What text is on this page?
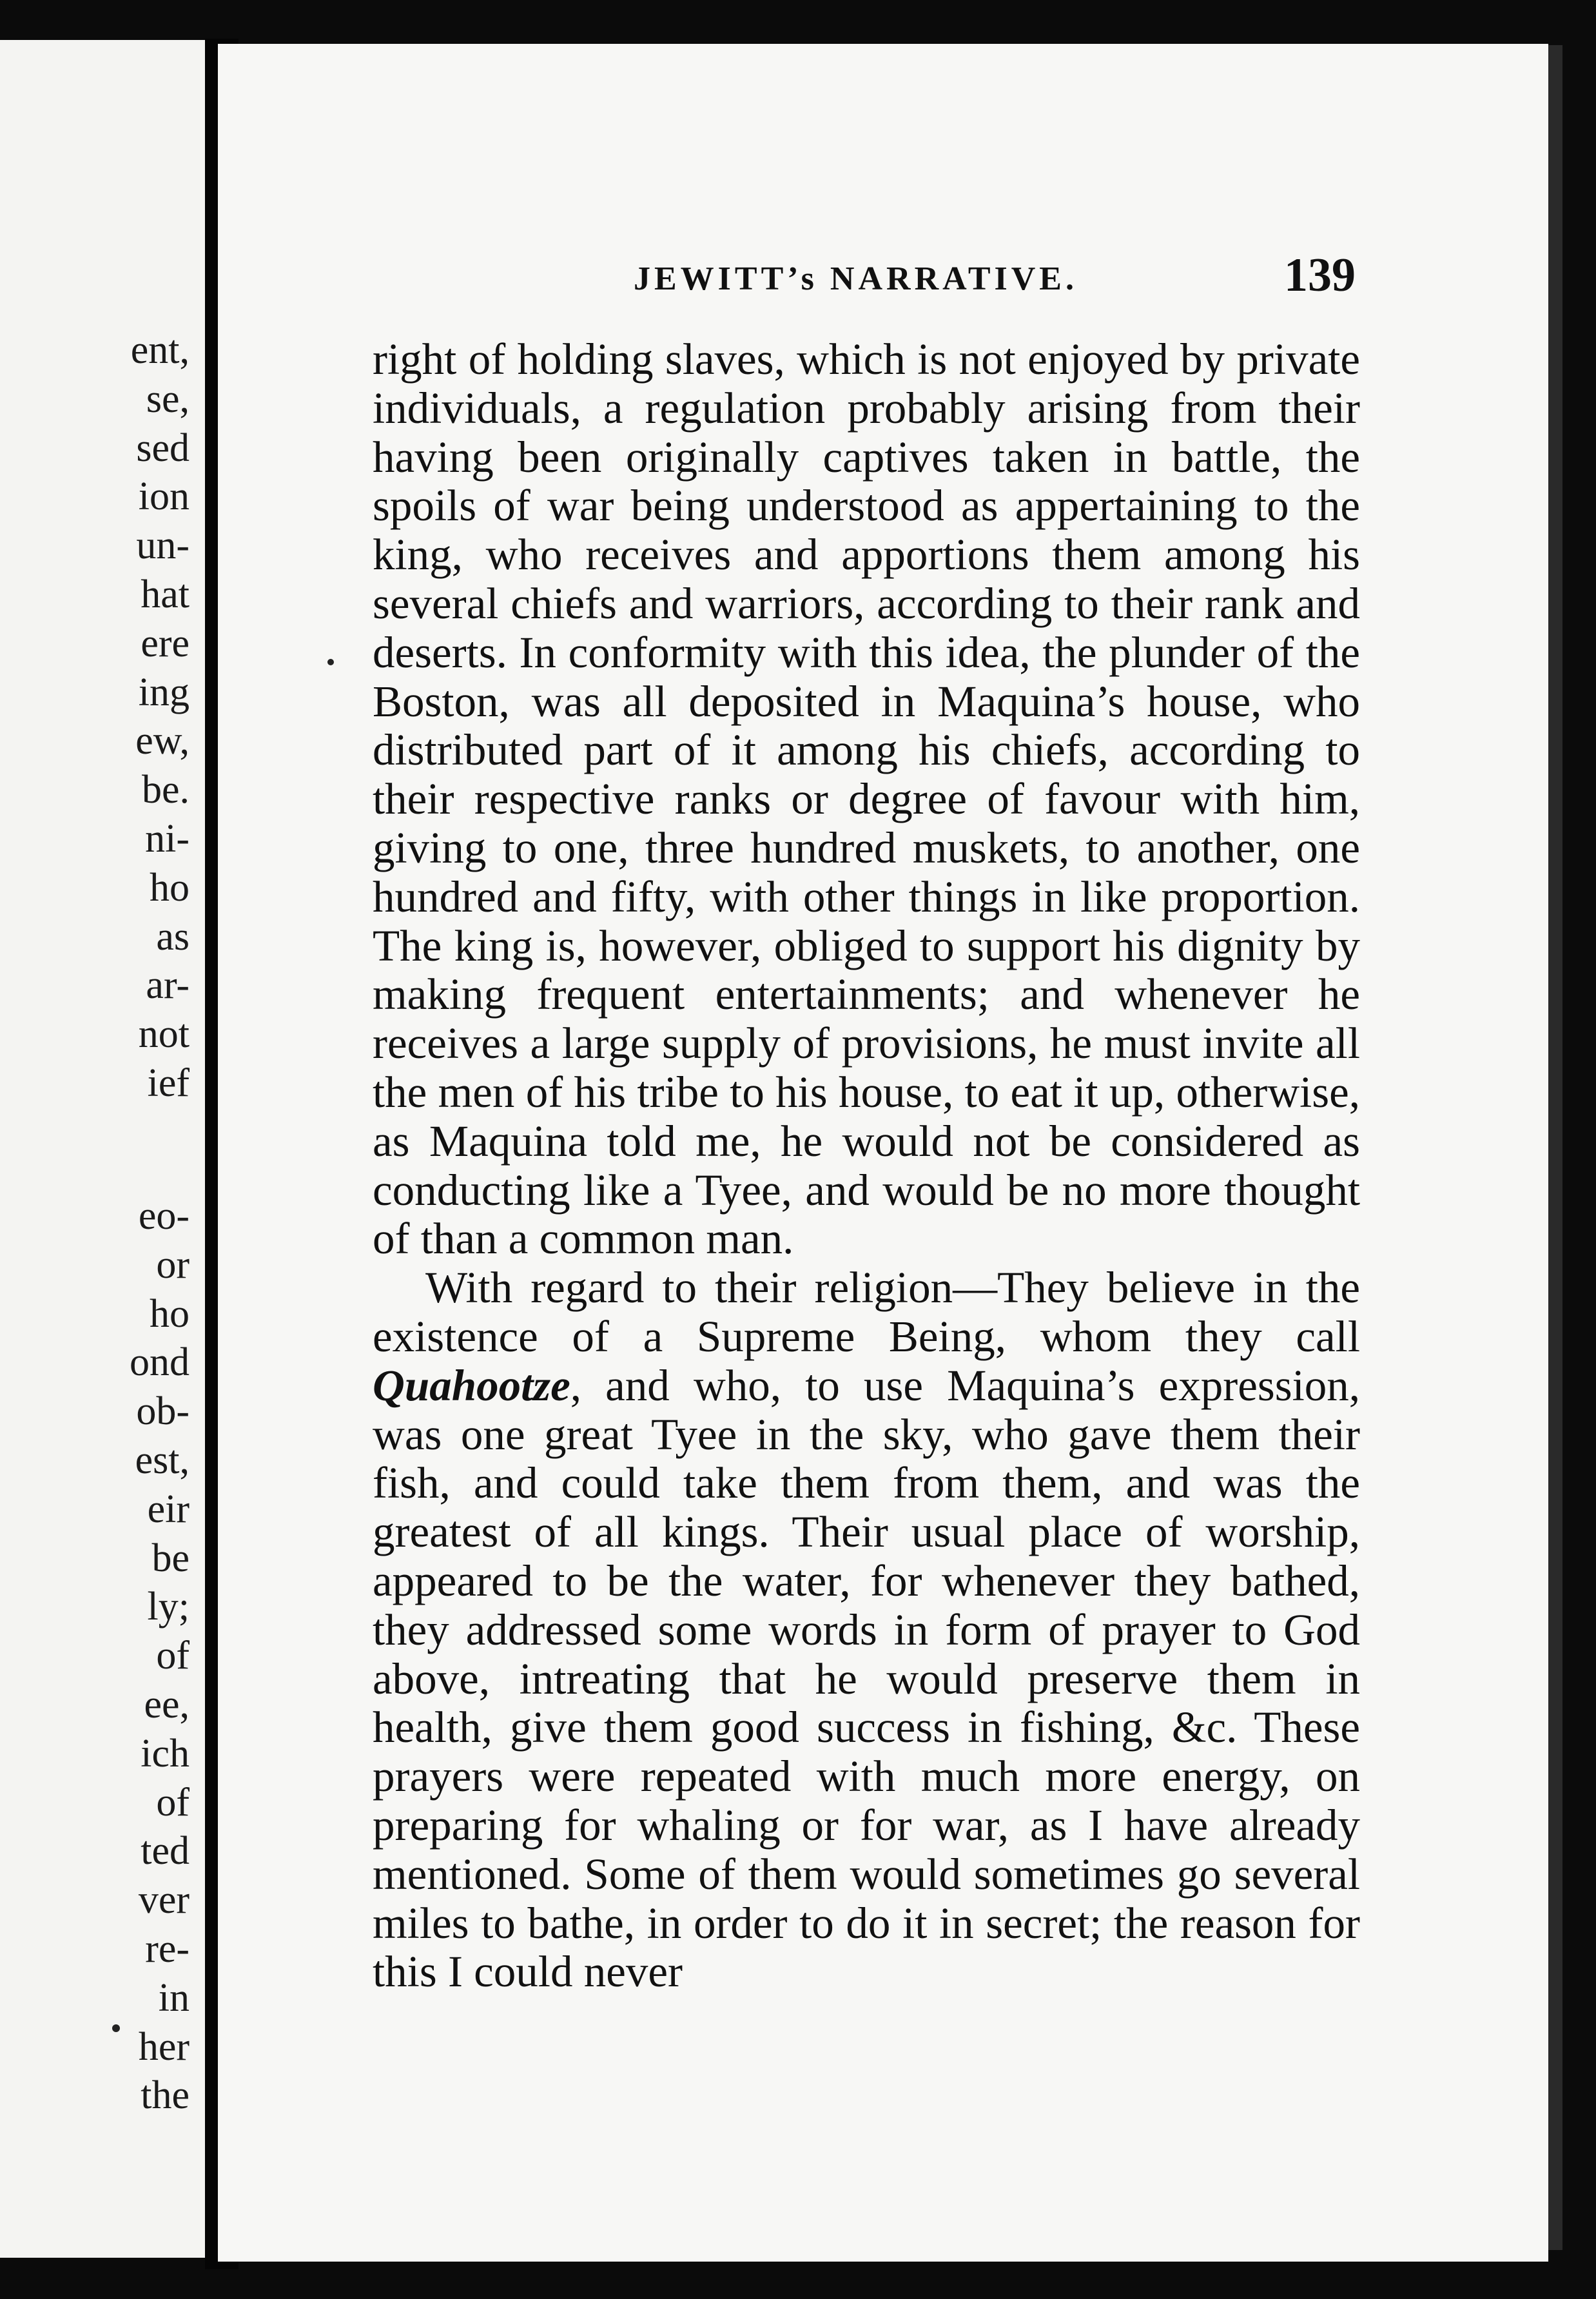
ent,
se,
sed
ion
un-
hat
ere
ing
ew,
be.
ni-
ho
as
ar-
not
ief
eo-
or
ho
ond
ob-
est,
eir
be
ly;
of
ee,
ich
of
ted
ver
re-
in
her
the
JEWITT’s NARRATIVE.	139

right of holding slaves, which is not enjoyed by private individuals, a regulation probably arising from their having been originally captives taken in battle, the spoils of war being understood as appertaining to the king, who receives and apportions them among his several chiefs and warriors, according to their rank and deserts. In conformity with this idea, the plunder of the Boston, was all deposited in Maquina’s house, who distributed part of it among his chiefs, according to their respective ranks or degree of favour with him, giving to one, three hundred muskets, to another, one hundred and fifty, with other things in like proportion. The king is, however, obliged to support his dignity by making frequent entertainments; and whenever he receives a large supply of provisions, he must invite all the men of his tribe to his house, to eat it up, otherwise, as Maquina told me, he would not be considered as conducting like a Tyee, and would be no more thought of than a common man.

With regard to their religion—They believe in the existence of a Supreme Being, whom they call Quahootze, and who, to use Maquina’s expression, was one great Tyee in the sky, who gave them their fish, and could take them from them, and was the greatest of all kings. Their usual place of worship, appeared to be the water, for whenever they bathed, they addressed some words in form of prayer to God above, intreating that he would preserve them in health, give them good success in fishing, &c. These prayers were repeated with much more energy, on preparing for whaling or for war, as I have already mentioned. Some of them would sometimes go several miles to bathe, in order to do it in secret; the reason for this I could never
